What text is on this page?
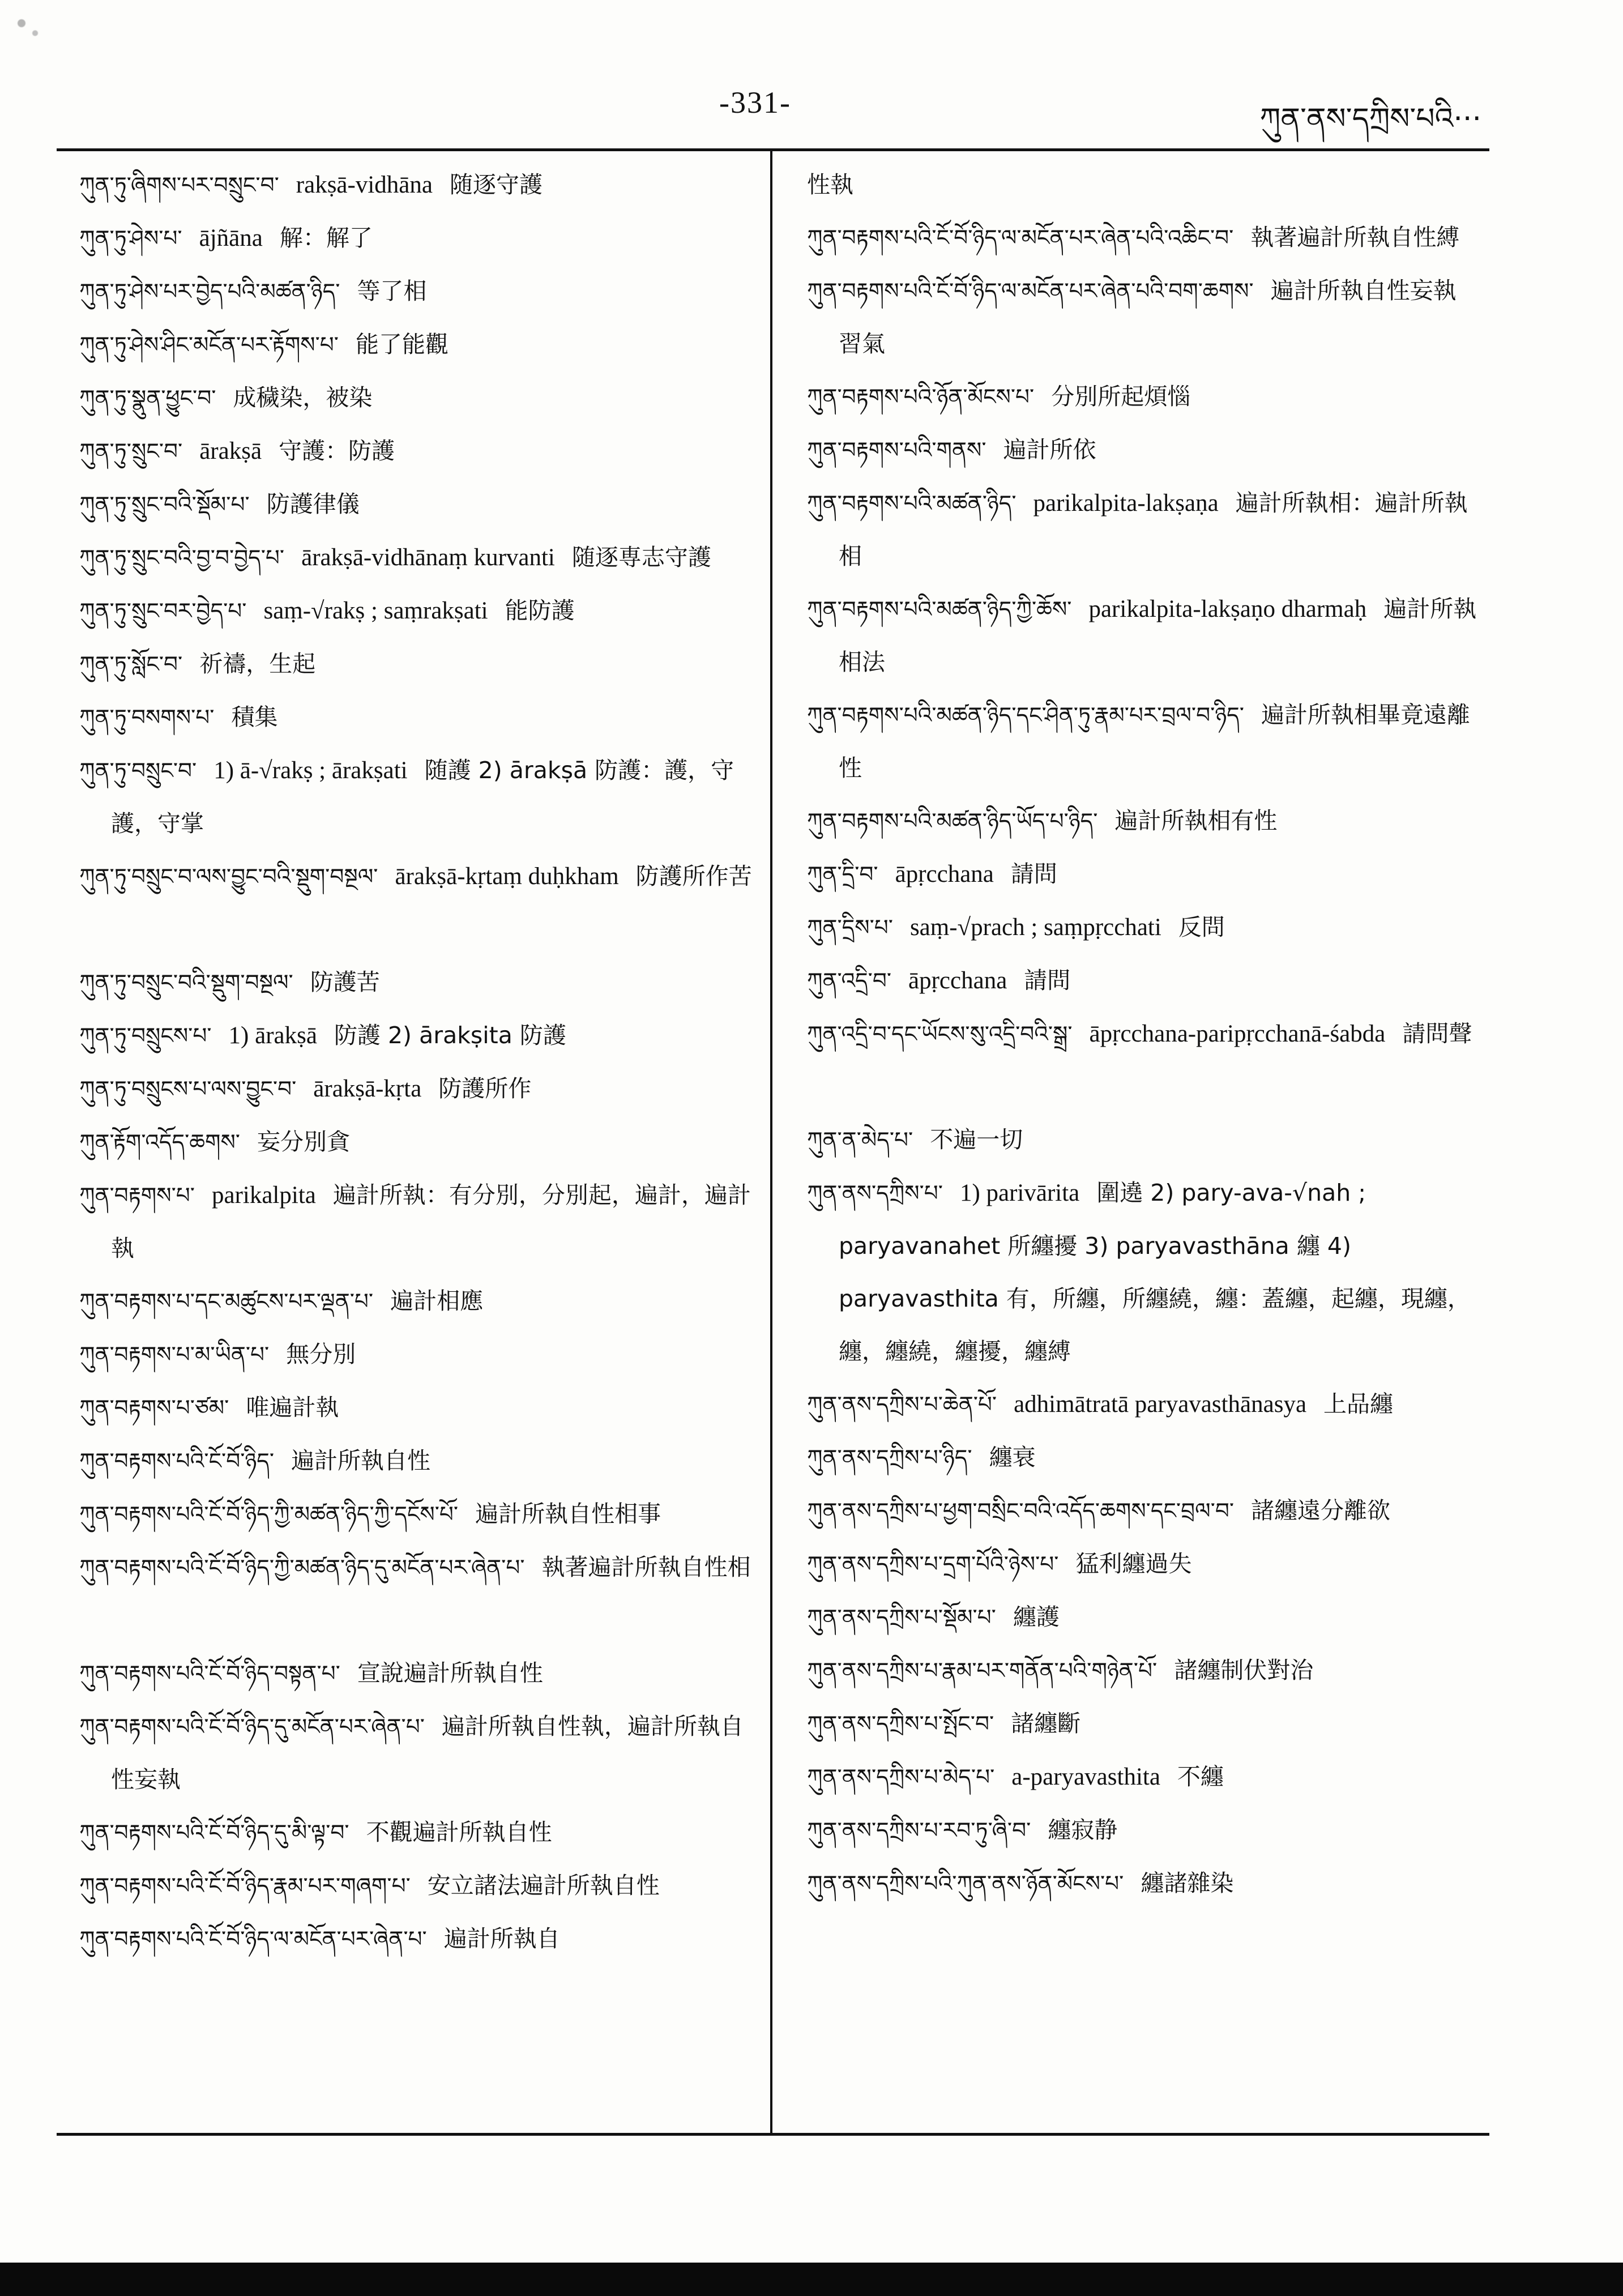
-331-	ཀུན་ནས་དཀྲིས་པའི···
ཀུན་ཏུ་ཞིགས་པར་བསྲུང་བ་ rakṣā-vidhāna 随逐守護
ཀུན་ཏུ་ཤེས་པ་ ājñāna 解：解了
ཀུན་ཏུ་ཤེས་པར་བྱེད་པའི་མཚན་ཉིད་ 等了相
ཀུན་ཏུ་ཤེས་ཤིང་མངོན་པར་རྟོགས་པ་ 能了能觀
ཀུན་ཏུ་སྣུན་ཕྱུང་བ་ 成穢染，被染
ཀུན་ཏུ་སྲུང་བ་ ārakṣā 守護：防護
ཀུན་ཏུ་སྲུང་བའི་སྡོམ་པ་ 防護律儀
ཀུན་ཏུ་སྲུང་བའི་བྱ་བ་བྱེད་པ་ ārakṣā-vidhānaṃ kurvanti 随逐専志守護
ཀུན་ཏུ་སྲུང་བར་བྱེད་པ་ saṃ-√rakṣ ; saṃrakṣati 能防護
ཀུན་ཏུ་སློང་བ་ 祈禱，生起
ཀུན་ཏུ་བསགས་པ་ 積集
ཀུན་ཏུ་བསྲུང་བ་ 1) ā-√rakṣ ; ārakṣati 随護 2) ārakṣā 防護：護，守護，守掌
ཀུན་ཏུ་བསྲུང་བ་ལས་བྱུང་བའི་སྡུག་བསྔལ་ ārakṣā-kṛtaṃ duḥkham 防護所作苦
ཀུན་ཏུ་བསྲུང་བའི་སྡུག་བསྔལ་ 防護苦
ཀུན་ཏུ་བསྲུངས་པ་ 1) ārakṣā 防護 2) ārakṣita 防護
ཀུན་ཏུ་བསྲུངས་པ་ལས་བྱུང་བ་ ārakṣā-kṛta 防護所作
ཀུན་རྟོག་འདོད་ཆགས་ 妄分別貪
ཀུན་བརྟགས་པ་ parikalpita 遍計所執：有分別，分別起，遍計，遍計執
ཀུན་བརྟགས་པ་དང་མཚུངས་པར་ལྡན་པ་ 遍計相應
ཀུན་བརྟགས་པ་མ་ཡིན་པ་ 無分別
ཀུན་བརྟགས་པ་ཙམ་ 唯遍計執
ཀུན་བརྟགས་པའི་ངོ་བོ་ཉིད་ 遍計所執自性
ཀུན་བརྟགས་པའི་ངོ་བོ་ཉིད་ཀྱི་མཚན་ཉིད་ཀྱི་དངོས་པོ་ 遍計所執自性相事
ཀུན་བརྟགས་པའི་ངོ་བོ་ཉིད་ཀྱི་མཚན་ཉིད་དུ་མངོན་པར་ཞེན་པ་ 執著遍計所執自性相
ཀུན་བརྟགས་པའི་ངོ་བོ་ཉིད་བསྟན་པ་ 宣說遍計所執自性
ཀུན་བརྟགས་པའི་ངོ་བོ་ཉིད་དུ་མངོན་པར་ཞེན་པ་ 遍計所執自性執，遍計所執自性妄執
ཀུན་བརྟགས་པའི་ངོ་བོ་ཉིད་དུ་མི་ལྟ་བ་ 不觀遍計所執自性
ཀུན་བརྟགས་པའི་ངོ་བོ་ཉིད་རྣམ་པར་གཞག་པ་ 安立諸法遍計所執自性
ཀུན་བརྟགས་པའི་ངོ་བོ་ཉིད་ལ་མངོན་པར་ཞེན་པ་ 遍計所執自
性執
ཀུན་བརྟགས་པའི་ངོ་བོ་ཉིད་ལ་མངོན་པར་ཞེན་པའི་འཆིང་བ་ 執著遍計所執自性縛
ཀུན་བརྟགས་པའི་ངོ་བོ་ཉིད་ལ་མངོན་པར་ཞེན་པའི་བག་ཆགས་ 遍計所執自性妄執習氣
ཀུན་བརྟགས་པའི་ཉོན་མོངས་པ་ 分別所起煩惱
ཀུན་བརྟགས་པའི་གནས་ 遍計所依
ཀུན་བརྟགས་པའི་མཚན་ཉིད་ parikalpita-lakṣaṇa 遍計所執相：遍計所執相
ཀུན་བརྟགས་པའི་མཚན་ཉིད་ཀྱི་ཆོས་ parikalpita-lakṣaṇo dharmaḥ 遍計所執相法
ཀུན་བརྟགས་པའི་མཚན་ཉིད་དང་ཤིན་ཏུ་རྣམ་པར་བྲལ་བ་ཉིད་ 遍計所執相畢竟遠離性
ཀུན་བརྟགས་པའི་མཚན་ཉིད་ཡོད་པ་ཉིད་ 遍計所執相有性
ཀུན་དྲི་བ་ āpṛcchana 請問
ཀུན་དྲིས་པ་ saṃ-√prach ; saṃpṛcchati 反問
ཀུན་འདྲི་བ་ āpṛcchana 請問
ཀུན་འདྲི་བ་དང་ཡོངས་སུ་འདྲི་བའི་སྒྲ་ āpṛcchana-paripṛcchanā-śabda 請問聲
ཀུན་ན་མེད་པ་ 不遍一切
ཀུན་ནས་དཀྲིས་པ་ 1) parivārita 圍遶 2) pary-ava-√nah ; paryavanahet 所纏擾 3) paryavasthāna 纏 4) paryavasthita 有，所纏，所纏繞，纏：蓋纏，起纏，現纏，纏，纏繞，纏擾，纏縛
ཀུན་ནས་དཀྲིས་པ་ཆེན་པོ་ adhimātratā paryavasthānasya 上品纏
ཀུན་ནས་དཀྲིས་པ་ཉིད་ 纏衰
ཀུན་ནས་དཀྲིས་པ་ཕྱག་བསྲིང་བའི་འདོད་ཆགས་དང་བྲལ་བ་ 諸纏遠分離欲
ཀུན་ནས་དཀྲིས་པ་དྲག་པོའི་ཉེས་པ་ 猛利纏過失
ཀུན་ནས་དཀྲིས་པ་སྡོམ་པ་ 纏護
ཀུན་ནས་དཀྲིས་པ་རྣམ་པར་གནོན་པའི་གཉེན་པོ་ 諸纏制伏對治
ཀུན་ནས་དཀྲིས་པ་སྤོང་བ་ 諸纏斷
ཀུན་ནས་དཀྲིས་པ་མེད་པ་ a-paryavasthita 不纏
ཀུན་ནས་དཀྲིས་པ་རབ་ཏུ་ཞི་བ་ 纏寂静
ཀུན་ནས་དཀྲིས་པའི་ཀུན་ནས་ཉོན་མོངས་པ་ 纏諸雜染
